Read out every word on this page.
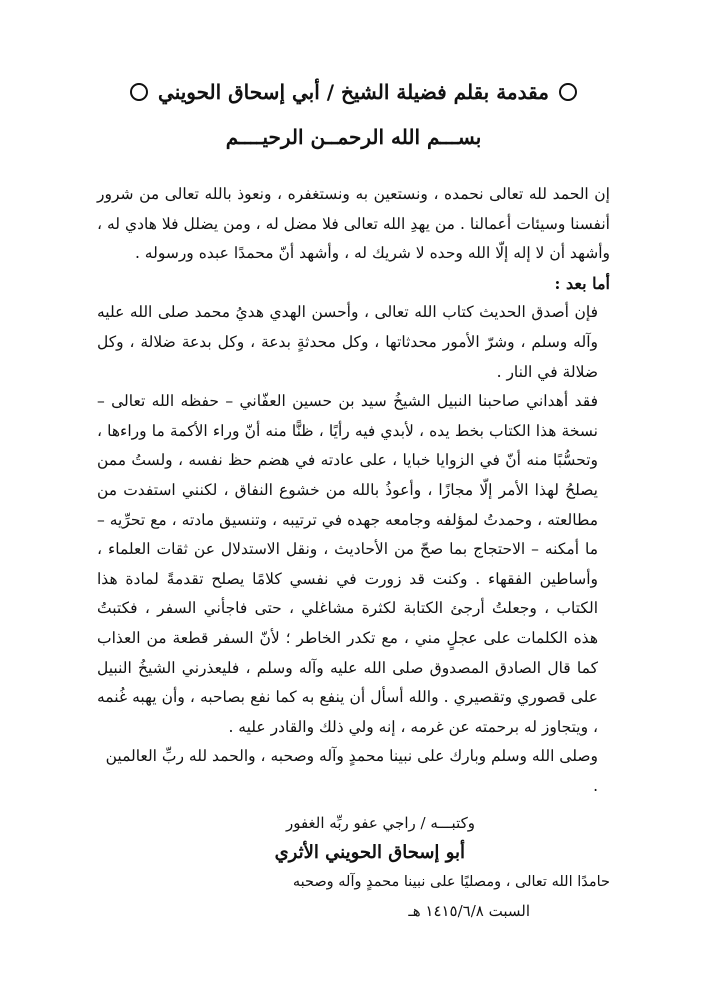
مقدمة بقلم فضيلة الشيخ / أبي إسحاق الحويني
بســـم الله الرحمــن الرحيــــم

إن الحمد لله تعالى نحمده ، ونستعين به ونستغفره ، ونعوذ بالله تعالى من شرور أنفسنا وسيئات أعمالنا . من يهدِ الله تعالى فلا مضل له ، ومن يضلل فلا هادي له ، وأشهد أن لا إله إلّا الله وحده لا شريك له ، وأشهد أنّ محمدًا عبده ورسوله .

أما بعد :

فإن أصدق الحديث كتاب الله تعالى ، وأحسن الهدي هديُ محمد صلى الله عليه وآله وسلم ، وشرّ الأمور محدثاتها ، وكل محدثةٍ بدعة ، وكل بدعة ضلالة ، وكل ضلالة في النار .

فقد أهداني صاحبنا النبيل الشيخُ سيد بن حسين العفّاني – حفظه الله تعالى – نسخة هذا الكتاب بخط يده ، لأبدي فيه رأيًا ، ظنًّا منه أنّ وراء الأكمة ما وراءها ، وتحسُّبًا منه أنّ في الزوايا خبايا ، على عادته في هضم حظ نفسه ، ولستُ ممن يصلحُ لهذا الأمر إلّا مجازًا ، وأعوذُ بالله من خشوع النفاق ، لكنني استفدت من مطالعته ، وحمدتُ لمؤلفه وجامعه جهده في ترتيبه ، وتنسيق مادته ، مع تحرِّيه – ما أمكنه – الاحتجاج بما صحّ من الأحاديث ، ونقل الاستدلال عن ثقات العلماء ، وأساطين الفقهاء . وكنت قد زورت في نفسي كلامًا يصلح تقدمةً لمادة هذا الكتاب ، وجعلتُ أرجئ الكتابة لكثرة مشاغلي ، حتى فاجأني السفر ، فكتبتُ هذه الكلمات على عجلٍ مني ، مع تكدر الخاطر ؛ لأنّ السفر قطعة من العذاب كما قال الصادق المصدوق صلى الله عليه وآله وسلم ، فليعذرني الشيخُ النبيل على قصوري وتقصيري . والله أسأل أن ينفع به كما نفع بصاحبه ، وأن يهبه غُنمه ، ويتجاوز له برحمته عن غرمه ، إنه ولي ذلك والقادر عليه .

وصلى الله وسلم وبارك على نبينا محمدٍ وآله وصحبه ، والحمد لله ربِّ العالمين .

وكتبـــه / راجي عفو ربِّه الغفور
أبو إسحاق الحويني الأثري
حامدًا الله تعالى ، ومصليًا على نبينا محمدٍ وآله وصحبه
السبت ١٤١٥/٦/٨ هـ
